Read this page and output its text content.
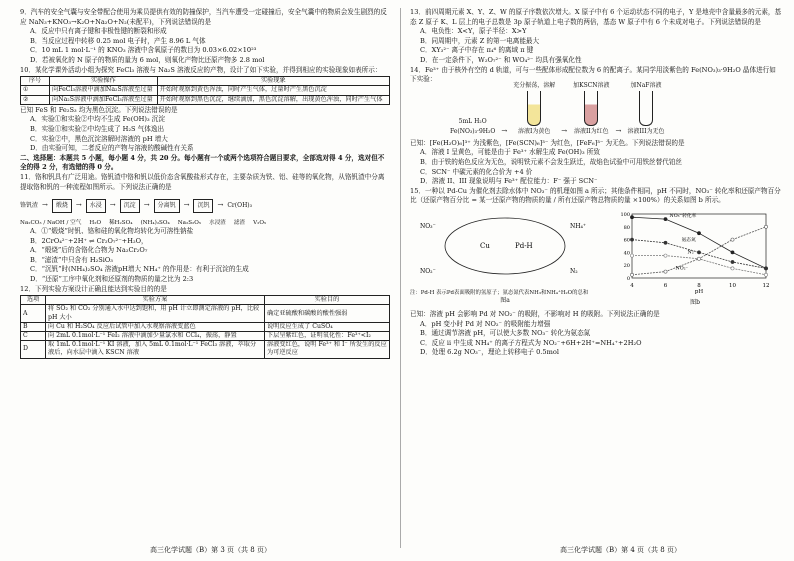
9．汽车的安全气囊与安全带配合使用为乘员提供有效的防撞保护，当汽车遭受一定碰撞后，安全气囊中的物质会发生剧烈的反应 NaN₃+KNO₃→K₂O+Na₂O+N₂(未配平)，下列说法错误的是

A．反应中只有离子键和非极性键的断裂和形成

B．当反应过程中转移 0.25 mol 电子时，产生 8.96 L 气体

C．10 mL 1 mol·L⁻¹ 的 KNO₃ 溶液中含氧原子的数目为 0.03×6.02×10²³

D．若被氧化的 N 原子的物质的量为 6 mol，则氧化产物比还原产物多 2.8 mol

10．某化学课外活动小组为探究 FeCl₃ 溶液与 Na₂S 溶液反应的产物，设计了如下实验，并得到相应的实验现象如表所示：

序号	实验操作	实验现象
①	向FeCl₃溶液中滴加Na₂S溶液至过量	开始时观察到黄色浑浊，同时产生气体，过量时产生黑色沉淀
②	向Na₂S溶液中滴加FeCl₃溶液至过量	开始时观察到黑色沉淀，继续滴加，黑色沉淀溶解，出现黄色浑浊，同时产生气体

已知 FeS 和 Fe₂S₃ 均为黑色沉淀。下列说法错误的是

A．实验①和实验②中均不生成 Fe(OH)₃ 沉淀

B．实验①和实验②中均生成了 H₂S 气体逸出

C．实验②中，黑色沉淀溶解时溶液的 pH 增大

D．由实验可知，二者反应的产物与溶液的酸碱性有关系

二、选择题：本题共 5 小题，每小题 4 分，共 20 分。每小题有一个或两个选项符合题目要求，全部选对得 4 分，选对但不全的得 2 分，有选错的得 0 分。

11．铬和钒具有广泛用途。铬钒渣中铬和钒以低价态含氧酸盐形式存在，主要杂质为铁、铝、硅等的氧化物，从铬钒渣中分离提取铬和钒的一种流程如图所示。下列说法正确的是

铬钒渣 →	煅烧	→	水浸	→	沉淀	→	分离钒	→	沉钒	→ Cr(OH)₃
Na₂CO₃ / NaOH / 空气 H₂O 稀H₂SO₄ (NH₄)₂SO₄ Na₂S₂O₅ 水浸渣 滤渣 V₂O₅

A．①“煅烧”时钒、铬和硅的氧化物均转化为可溶性钠盐

B．2CrO₄²⁻+2H⁺ ⇌ Cr₂O₇²⁻+H₂O，

A．“煅烧”后的含铬化合物为 Na₂Cr₂O₇

B．“滤渣”中只含有 H₂SiO₃

C．“沉钒”时(NH₄)₂SO₄ 溶液pH增大 NH₄⁺ 的作用是：有利于沉淀的生成

D．“还原”工序中氧化剂和还原剂的物质的量之比为 2:3

12．下列实验方案设计正确且能达到实验目的的是

选项	实验方案	实验目的
A	将 SO₂ 和 CO₂ 分别通入水中达到饱和，用 pH 计立即测定溶液的 pH，比较 pH 大小	确定亚硫酸和碳酸的酸性强弱
B	向 Cu 和 H₂SO₄ 反应后试管中加入水观察溶液变蓝色	说明反应生成了 CuSO₄
C	向 2mL 0.1mol·L⁻¹ FeI₂ 溶液中滴加少量氯水和 CCl₄，振荡，静置	下层呈紫红色，证明氧化性：Fe³⁺<I₂
D	取 1mL 0.1mol·L⁻¹ KI 溶液，加入 5mL 0.1mol·L⁻¹ FeCl₃ 溶液，萃取分液后，向水层中滴入 KSCN 溶液	溶液变红色，说明 Fe³⁺ 和 I⁻ 所发生的反应为可逆反应

13．前四周期元素 X、Y、Z、W 的原子序数依次增大。X 原子中有 6 个运动状态不同的电子，Y 是地壳中含量最多的元素，基态 Z 原子 K、L 层上的电子总数是 3p 原子轨道上电子数的两倍，基态 W 原子中有 6 个未成对电子。下列说法错误的是

A．电负性：X<Y，原子半径：X>Y

B．同周期中，元素 Z 的第一电离能最大

C．XY₃²⁻ 离子中存在 π₄⁶ 的离域 π 键

D．在一定条件下，W₂O₇²⁻ 和 WO₄²⁻ 均具有强氧化性

14．Fe³⁺ 由于核外有空的 d 轨道，可与一些配体形成配位数为 6 的配离子。某同学用淡紫色的 Fe(NO₃)₃·9H₂O 晶体进行如下实验：

5mL H₂O
Fe(NO₃)₃·9H₂O →
充分振荡，溶解
溶液I为黄色 →
加KSCN溶液
溶液II为红色 →
加NaF溶液
溶液III为无色

已知：[Fe(H₂O)₆]³⁺ 为浅紫色，[Fe(SCN)₆]³⁻ 为红色，[FeF₆]³⁻ 为无色。下列说法错误的是

A．溶液 I 呈黄色，可能是由于 Fe³⁺ 水解生成 Fe(OH)₃ 所致

B．由于铁的焰色反应为无色，说明铁元素不会发生跃迁，故焰色试验中可用铁丝替代铂丝

C．SCN⁻ 中碳元素的化合价为 +4 价

D．溶液 II、III 现象说明与 Fe³⁺ 配位能力：F⁻ 强于 SCN⁻

15．一种以 Pd-Cu 为催化剂去除水体中 NO₃⁻ 的机理如图 a 所示；其他条件相同，pH 不同时，NO₃⁻ 转化率和还原产物百分比（还原产物百分比 = 某一还原产物的物质的量 / 所有还原产物总物质的量 ×100%）的关系如图 b 所示。

Cu	Pd-H
NO₃⁻
NO₂⁻
NH₄⁺
N₂
注：Pd-H 表示Pd表面吸附的氢原子；氨态氮代表NH₃和NH₄⁺H₂O的总和
图a
4	6	8	10	12
0
20
40
60
80
100
pH
NO₃⁻转化率
NO₂⁻
氨态氮
N₂
图b

已知：溶液 pH 会影响 Pd 对 NO₂⁻ 的吸附，不影响对 H 的吸附。下列说法正确的是

A．pH 变小时 Pd 对 NO₂⁻ 的吸附能力增强

B．通过调节溶液 pH，可以使大多数 NO₃⁻ 转化为氨态氮

C．反应 ii 中生成 NH₄⁺ 的离子方程式为 NO₂⁻+6H+2H⁺=NH₄⁺+2H₂O

D．处理 6.2g NO₃⁻，理论上转移电子 0.5mol

高三化学试题（B）第 3 页（共 8 页）	高三化学试题（B）第 4 页（共 8 页）
